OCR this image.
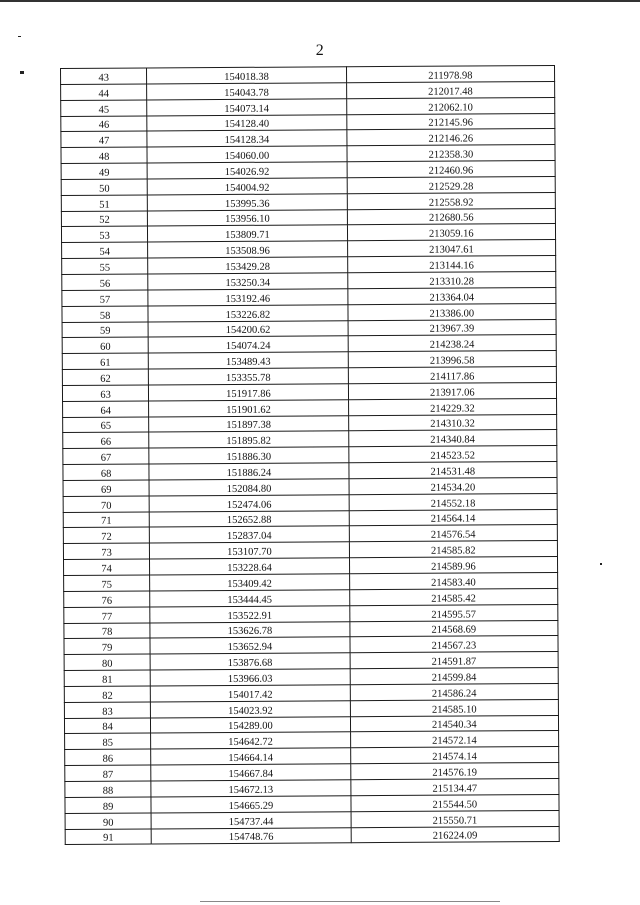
2
43	154018.38	211978.98
44	154043.78	212017.48
45	154073.14	212062.10
46	154128.40	212145.96
47	154128.34	212146.26
48	154060.00	212358.30
49	154026.92	212460.96
50	154004.92	212529.28
51	153995.36	212558.92
52	153956.10	212680.56
53	153809.71	213059.16
54	153508.96	213047.61
55	153429.28	213144.16
56	153250.34	213310.28
57	153192.46	213364.04
58	153226.82	213386.00
59	154200.62	213967.39
60	154074.24	214238.24
61	153489.43	213996.58
62	153355.78	214117.86
63	151917.86	213917.06
64	151901.62	214229.32
65	151897.38	214310.32
66	151895.82	214340.84
67	151886.30	214523.52
68	151886.24	214531.48
69	152084.80	214534.20
70	152474.06	214552.18
71	152652.88	214564.14
72	152837.04	214576.54
73	153107.70	214585.82
74	153228.64	214589.96
75	153409.42	214583.40
76	153444.45	214585.42
77	153522.91	214595.57
78	153626.78	214568.69
79	153652.94	214567.23
80	153876.68	214591.87
81	153966.03	214599.84
82	154017.42	214586.24
83	154023.92	214585.10
84	154289.00	214540.34
85	154642.72	214572.14
86	154664.14	214574.14
87	154667.84	214576.19
88	154672.13	215134.47
89	154665.29	215544.50
90	154737.44	215550.71
91	154748.76	216224.09
